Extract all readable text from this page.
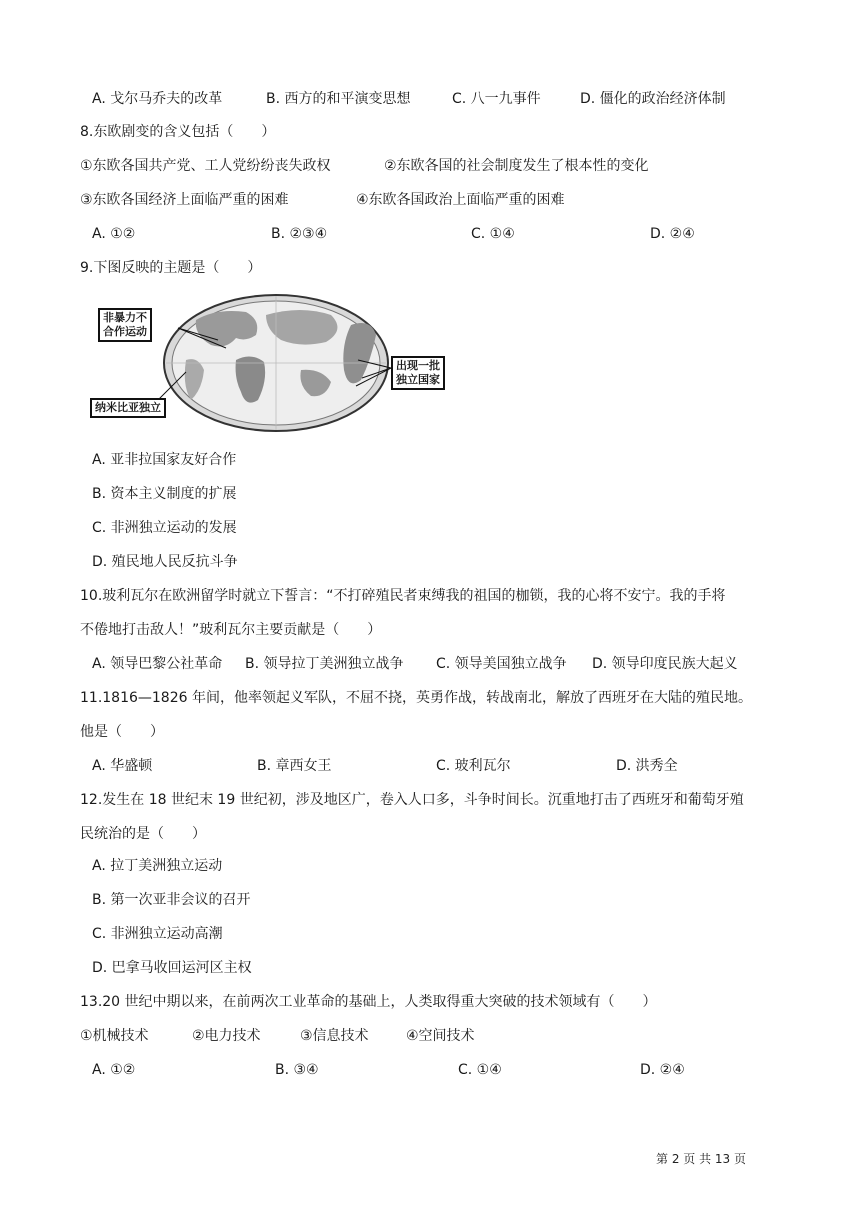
A. 戈尔马乔夫的改革	B. 西方的和平演变思想	C. 八一九事件	D. 僵化的政治经济体制
8.东欧剧变的含义包括（　　）
①东欧各国共产党、工人党纷纷丧失政权	②东欧各国的社会制度发生了根本性的变化
③东欧各国经济上面临严重的困难	④东欧各国政治上面临严重的困难
A. ①②	B. ②③④	C. ①④	D. ②④
9.下图反映的主题是（　　）
非暴力不
合作运动
纳米比亚独立
出现一批
独立国家
A. 亚非拉国家友好合作
B. 资本主义制度的扩展
C. 非洲独立运动的发展
D. 殖民地人民反抗斗争
10.玻利瓦尔在欧洲留学时就立下誓言：“不打碎殖民者束缚我的祖国的枷锁，我的心将不安宁。我的手将
不倦地打击敌人！”玻利瓦尔主要贡献是（　　）
A. 领导巴黎公社革命 B. 领导拉丁美洲独立战争 C. 领导美国独立战争 D. 领导印度民族大起义
11.1816—1826 年间，他率领起义军队，不屈不挠，英勇作战，转战南北，解放了西班牙在大陆的殖民地。
他是（　　）
A. 华盛顿	B. 章西女王	C. 玻利瓦尔	D. 洪秀全
12.发生在 18 世纪末 19 世纪初，涉及地区广，卷入人口多，斗争时间长。沉重地打击了西班牙和葡萄牙殖
民统治的是（　　）
A. 拉丁美洲独立运动
B. 第一次亚非会议的召开
C. 非洲独立运动高潮
D. 巴拿马收回运河区主权
13.20 世纪中期以来，在前两次工业革命的基础上，人类取得重大突破的技术领域有（　　）
①机械技术	②电力技术	③信息技术	④空间技术
A. ①②	B. ③④	C. ①④	D. ②④
第 2 页 共 13 页
